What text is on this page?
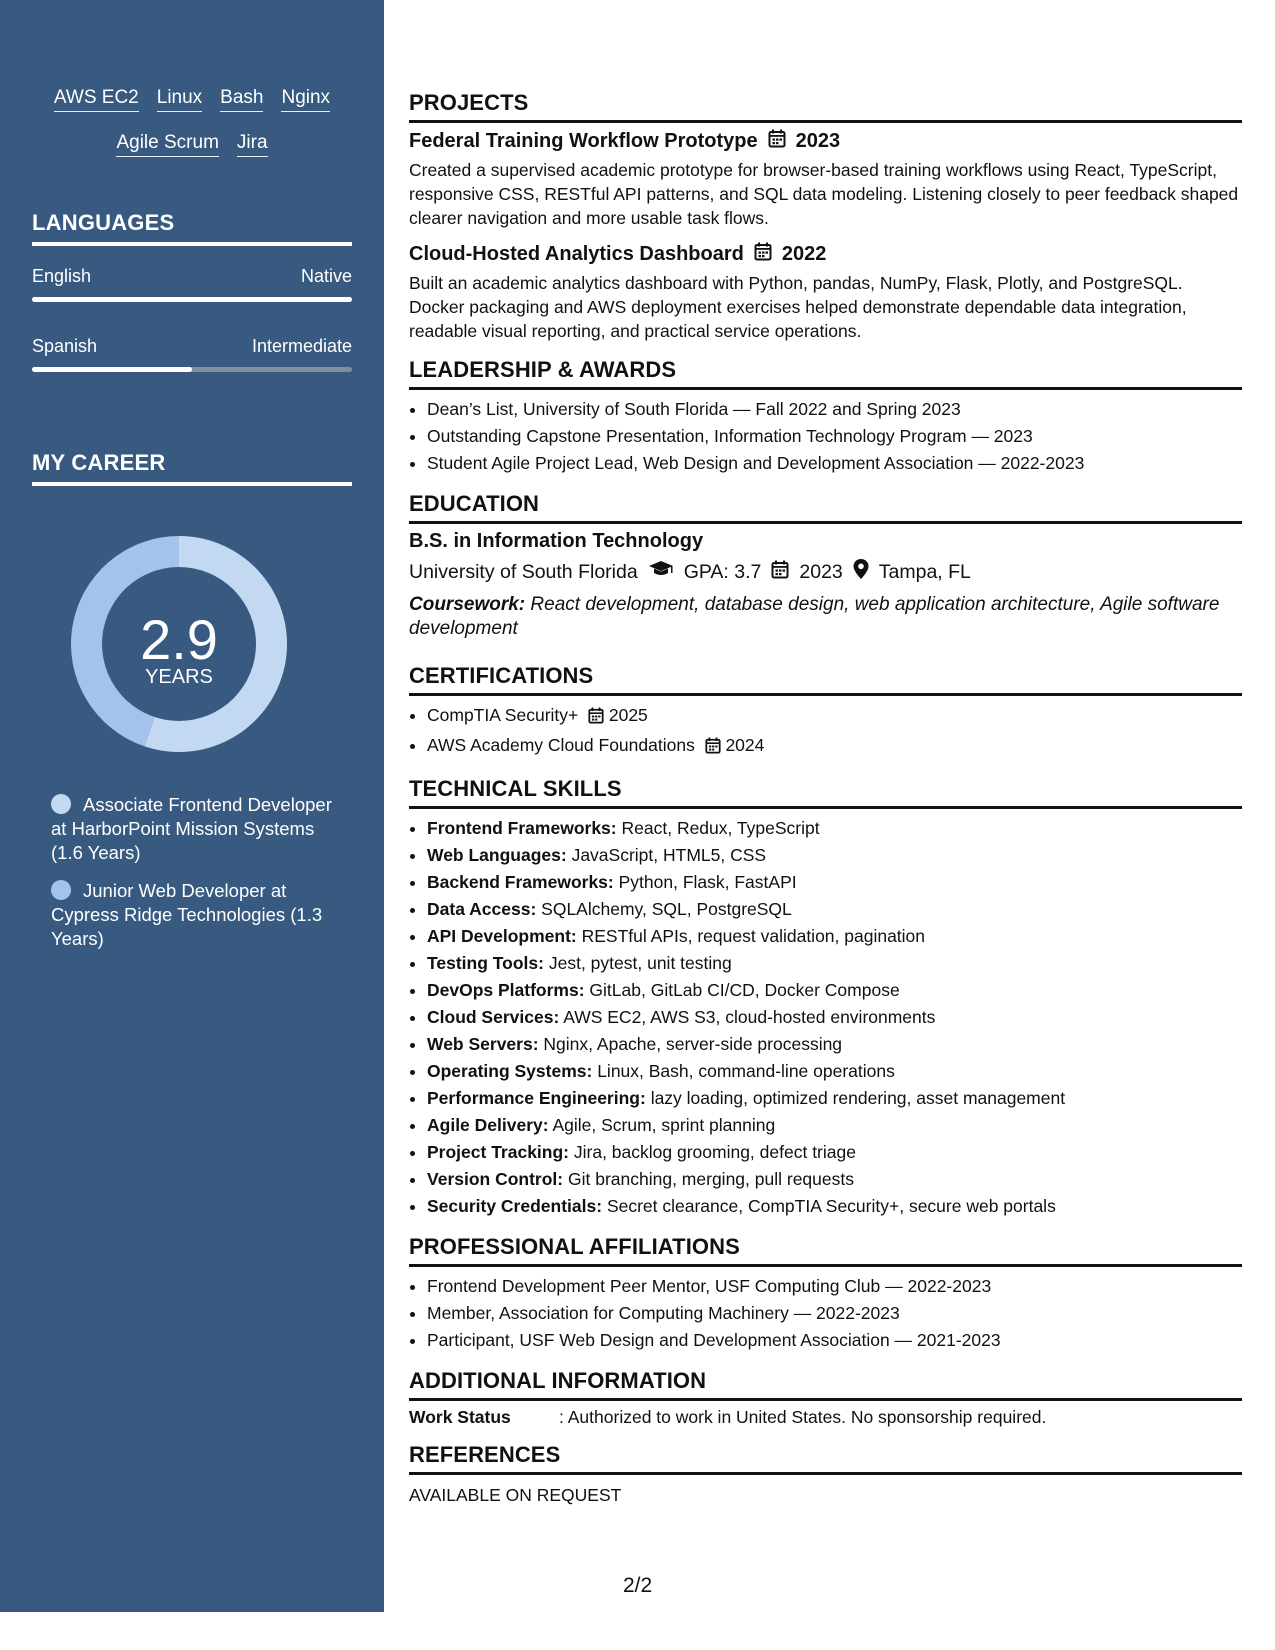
AWS EC2 Linux Bash Nginx
Agile Scrum Jira
LANGUAGES
English	Native
Spanish	Intermediate
MY CAREER
2.9
YEARS
Associate Frontend Developer at HarborPoint Mission Systems (1.6 Years)
Junior Web Developer at Cypress Ridge Technologies (1.3 Years)
PROJECTS
Federal Training Workflow Prototype 2023
Created a supervised academic prototype for browser-based training workflows using React, TypeScript, responsive CSS, RESTful API patterns, and SQL data modeling. Listening closely to peer feedback shaped clearer navigation and more usable task flows.
Cloud-Hosted Analytics Dashboard 2022
Built an academic analytics dashboard with Python, pandas, NumPy, Flask, Plotly, and PostgreSQL. Docker packaging and AWS deployment exercises helped demonstrate dependable data integration, readable visual reporting, and practical service operations.
LEADERSHIP & AWARDS
• Dean’s List, University of South Florida — Fall 2022 and Spring 2023
• Outstanding Capstone Presentation, Information Technology Program — 2023
• Student Agile Project Lead, Web Design and Development Association — 2022-2023
EDUCATION
B.S. in Information Technology
University of South Florida GPA: 3.7 2023 Tampa, FL
Coursework: React development, database design, web application architecture, Agile software development
CERTIFICATIONS
• CompTIA Security+ 2025
• AWS Academy Cloud Foundations 2024
TECHNICAL SKILLS
• Frontend Frameworks: React, Redux, TypeScript
• Web Languages: JavaScript, HTML5, CSS
• Backend Frameworks: Python, Flask, FastAPI
• Data Access: SQLAlchemy, SQL, PostgreSQL
• API Development: RESTful APIs, request validation, pagination
• Testing Tools: Jest, pytest, unit testing
• DevOps Platforms: GitLab, GitLab CI/CD, Docker Compose
• Cloud Services: AWS EC2, AWS S3, cloud-hosted environments
• Web Servers: Nginx, Apache, server-side processing
• Operating Systems: Linux, Bash, command-line operations
• Performance Engineering: lazy loading, optimized rendering, asset management
• Agile Delivery: Agile, Scrum, sprint planning
• Project Tracking: Jira, backlog grooming, defect triage
• Version Control: Git branching, merging, pull requests
• Security Credentials: Secret clearance, CompTIA Security+, secure web portals
PROFESSIONAL AFFILIATIONS
• Frontend Development Peer Mentor, USF Computing Club — 2022-2023
• Member, Association for Computing Machinery — 2022-2023
• Participant, USF Web Design and Development Association — 2021-2023
ADDITIONAL INFORMATION
Work Status	: Authorized to work in United States. No sponsorship required.
REFERENCES
AVAILABLE ON REQUEST
2/2
